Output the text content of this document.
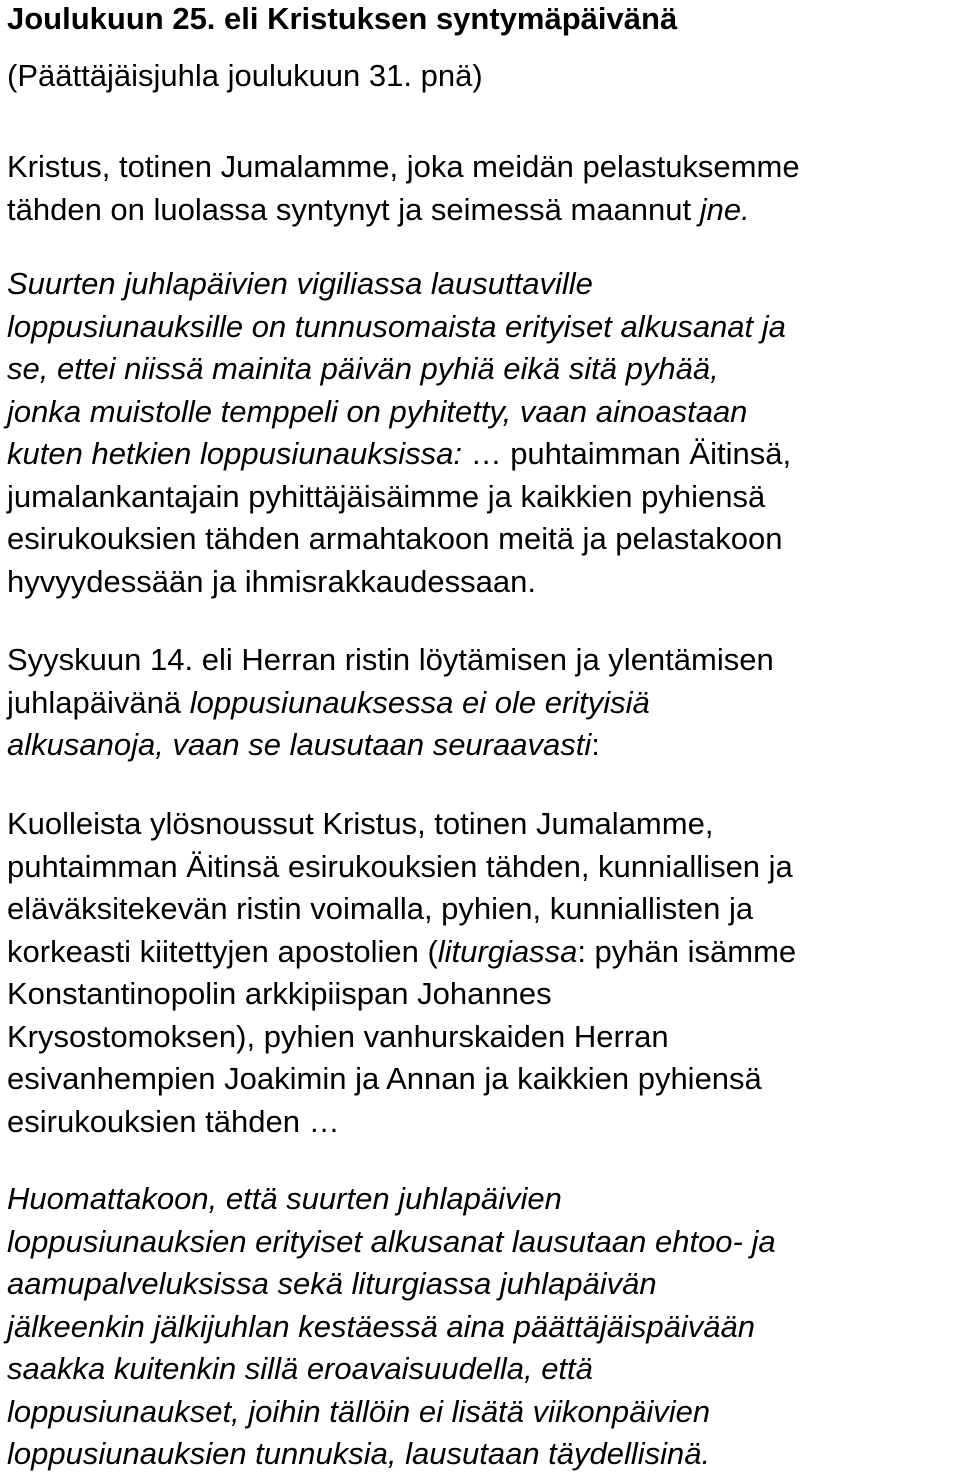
Joulukuun 25. eli Kristuksen syntymäpäivänä

(Päättäjäisjuhla joulukuun 31. pnä)

Kristus, totinen Jumalamme, joka meidän pelastuksemme
tähden on luolassa syntynyt ja seimessä maannut jne.

Suurten juhlapäivien vigiliassa lausuttaville
loppusiunauksille on tunnusomaista erityiset alkusanat ja
se, ettei niissä mainita päivän pyhiä eikä sitä pyhää,
jonka muistolle temppeli on pyhitetty, vaan ainoastaan
kuten hetkien loppusiunauksissa: … puhtaimman Äitinsä,
jumalankantajain pyhittäjäisäimme ja kaikkien pyhiensä
esirukouksien tähden armahtakoon meitä ja pelastakoon
hyvyydessään ja ihmisrakkaudessaan.

Syyskuun 14. eli Herran ristin löytämisen ja ylentämisen
juhlapäivänä loppusiunauksessa ei ole erityisiä
alkusanoja, vaan se lausutaan seuraavasti:

Kuolleista ylösnoussut Kristus, totinen Jumalamme,
puhtaimman Äitinsä esirukouksien tähden, kunniallisen ja
eläväksitekevän ristin voimalla, pyhien, kunniallisten ja
korkeasti kiitettyjen apostolien (liturgiassa: pyhän isämme
Konstantinopolin arkkipiispan Johannes
Krysostomoksen), pyhien vanhurskaiden Herran
esivanhempien Joakimin ja Annan ja kaikkien pyhiensä
esirukouksien tähden …

Huomattakoon, että suurten juhlapäivien
loppusiunauksien erityiset alkusanat lausutaan ehtoo- ja
aamupalveluksissa sekä liturgiassa juhlapäivän
jälkeenkin jälkijuhlan kestäessä aina päättäjäispäivään
saakka kuitenkin sillä eroavaisuudella, että
loppusiunaukset, joihin tällöin ei lisätä viikonpäivien
loppusiunauksien tunnuksia, lausutaan täydellisinä.
